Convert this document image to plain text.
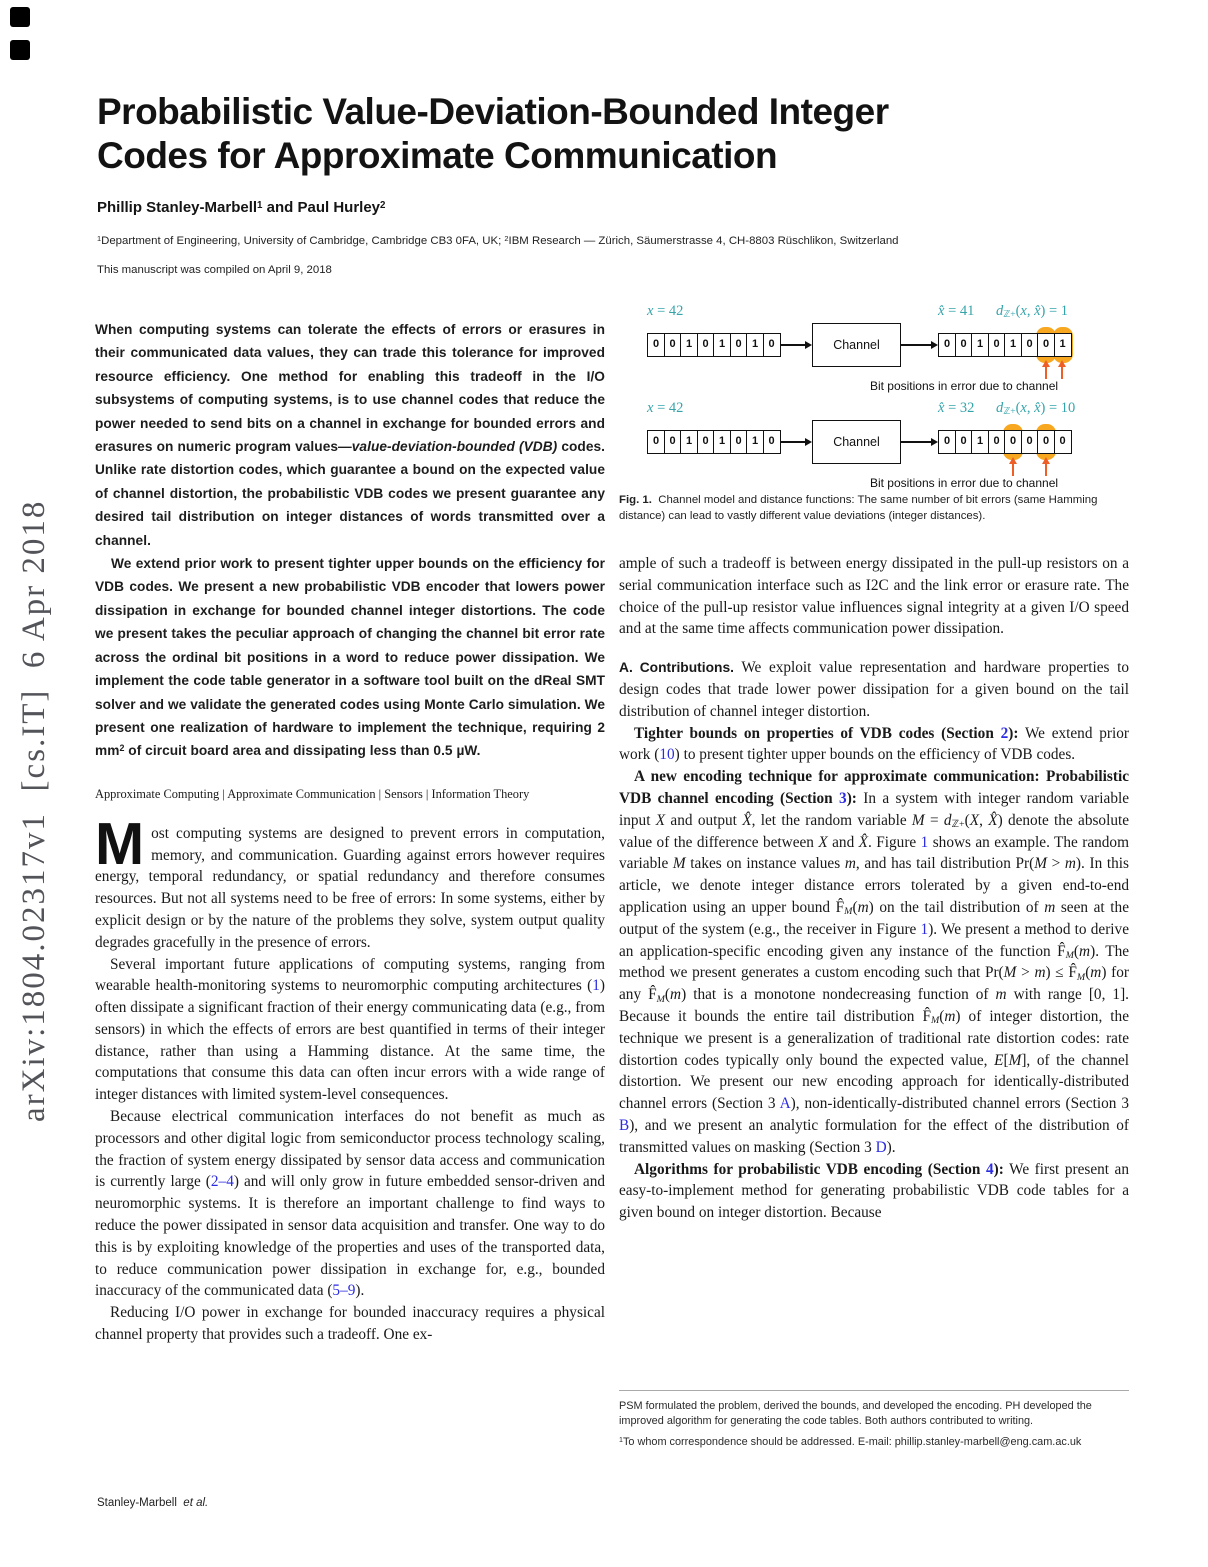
arXiv:1804.02317v1  [cs.IT]  6 Apr 2018
Probabilistic Value-Deviation-Bounded Integer
Codes for Approximate Communication
Phillip Stanley-Marbell$^1$ and Paul Hurley$^2$
$^1$Department of Engineering, University of Cambridge, Cambridge CB3 0FA, UK; $^2$IBM Research — Zürich, Säumerstrasse 4, CH-8803 Rüschlikon, Switzerland
This manuscript was compiled on April 9, 2018
When computing systems can tolerate the effects of errors or erasures in their communicated data values, they can trade this tolerance for improved resource efficiency. One method for enabling this tradeoff in the I/O subsystems of computing systems, is to use channel codes that reduce the power needed to send bits on a channel in exchange for bounded errors and erasures on numeric program values—value-deviation-bounded (VDB) codes. Unlike rate distortion codes, which guarantee a bound on the expected value of channel distortion, the probabilistic VDB codes we present guarantee any desired tail distribution on integer distances of words transmitted over a channel.
We extend prior work to present tighter upper bounds on the efficiency for VDB codes. We present a new probabilistic VDB encoder that lowers power dissipation in exchange for bounded channel integer distortions. The code we present takes the peculiar approach of changing the channel bit error rate across the ordinal bit positions in a word to reduce power dissipation. We implement the code table generator in a software tool built on the dReal SMT solver and we validate the generated codes using Monte Carlo simulation. We present one realization of hardware to implement the technique, requiring 2 $mm^2$ of circuit board area and dissipating less than 0.5 µW.
Approximate Computing | Approximate Communication | Sensors | Information Theory

Most computing systems are designed to prevent errors in computation, memory, and communication. Guarding against errors however requires energy, temporal redundancy, or spatial redundancy and therefore consumes resources. But not all systems need to be free of errors: In some systems, either by explicit design or by the nature of the problems they solve, system output quality degrades gracefully in the presence of errors.

Several important future applications of computing systems, ranging from wearable health-monitoring systems to neuromorphic computing architectures (1) often dissipate a significant fraction of their energy communicating data (e.g., from sensors) in which the effects of errors are best quantified in terms of their integer distance, rather than using a Hamming distance. At the same time, the computations that consume this data can often incur errors with a wide range of integer distances with limited system-level consequences.

Because electrical communication interfaces do not benefit as much as processors and other digital logic from semiconductor process technology scaling, the fraction of system energy dissipated by sensor data access and communication is currently large (2–4) and will only grow in future embedded sensor-driven and neuromorphic systems. It is therefore an important challenge to find ways to reduce the power dissipated in sensor data acquisition and transfer. One way to do this is by exploiting knowledge of the properties and uses of the transported data, to reduce communication power dissipation in exchange for, e.g., bounded inaccuracy of the communicated data (5–9).

Reducing I/O power in exchange for bounded inaccuracy requires a physical channel property that provides such a tradeoff. One ex-

Fig. 1.  Channel model and distance functions: The same number of bit errors (same Hamming distance) can lead to vastly different value deviations (integer distances).
x = 42	x̂ = 41 $d_{ℤ+}(x$, x̂) = 1
0 0 1 0 1 0 1 0	0 0 1 0 1 0 0 1
Channel
Bit positions in error due to channel
x = 42	x̂ = 32 $d_{ℤ+}(x$, x̂) = 10
0 0 1 0 1 0 1 0	0 0 1 0 0 0 0 0
Channel
Bit positions in error due to channel

ample of such a tradeoff is between energy dissipated in the pull-up resistors on a serial communication interface such as I2C and the link error or erasure rate. The choice of the pull-up resistor value influences signal integrity at a given I/O speed and at the same time affects communication power dissipation.

A. Contributions. We exploit value representation and hardware properties to design codes that trade lower power dissipation for a given bound on the tail distribution of channel integer distortion.

Tighter bounds on properties of VDB codes (Section 2): We extend prior work (10) to present tighter upper bounds on the efficiency of VDB codes.

A new encoding technique for approximate communication: Probabilistic VDB channel encoding (Section 3): In a system with integer random variable input X and output X̂, let the random variable $M = d_{ℤ+}(X$, X̂) denote the absolute value of the difference between X and X̂. Figure 1 shows an example. The random variable M takes on instance values m, and has tail distribution Pr(M > m). In this article, we denote integer distance errors tolerated by a given end-to-end application using an upper bound $F̂_M(m)$ on the tail distribution of m seen at the output of the system (e.g., the receiver in Figure 1). We present a method to derive an application-specific encoding given any instance of the function $F̂_M(m)$. The method we present generates a custom encoding such that $Pr(M > m) \le F̂_M(m)$ for any $F̂_M(m)$ that is a monotone nondecreasing function of m with range [0, 1]. Because it bounds the entire tail distribution $F̂_M(m)$ of integer distortion, the technique we present is a generalization of traditional rate distortion codes: rate distortion codes typically only bound the expected value, E[M], of the channel distortion. We present our new encoding approach for identically-distributed channel errors (Section 3 A), non-identically-distributed channel errors (Section 3 B), and we present an analytic formulation for the effect of the distribution of transmitted values on masking (Section 3 D).

Algorithms for probabilistic VDB encoding (Section 4): We first present an easy-to-implement method for generating probabilistic VDB code tables for a given bound on integer distortion. Because

PSM formulated the problem, derived the bounds, and developed the encoding. PH developed the improved algorithm for generating the code tables. Both authors contributed to writing.
$^1$To whom correspondence should be addressed. E-mail: phillip.stanley-marbell@eng.cam.ac.uk
Stanley-Marbell  et al.
